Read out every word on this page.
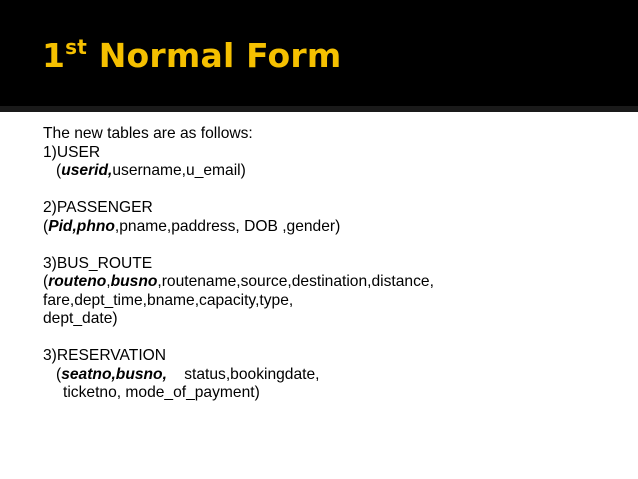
1st Normal Form
The new tables are as follows:
1)USER
(userid,username,u_email)
2)PASSENGER
(Pid,phno,pname,paddress, DOB ,gender)
3)BUS_ROUTE
(routeno,busno,routename,source,destination,distance,
fare,dept_time,bname,capacity,type,
dept_date)
3)RESERVATION
(seatno,busno,    status,bookingdate,
ticketno, mode_of_payment)
